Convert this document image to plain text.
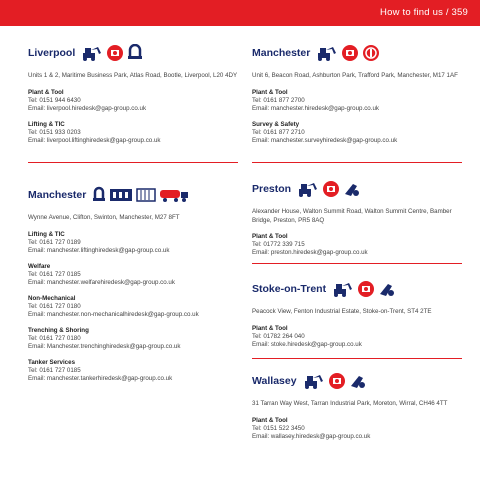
How to find us / 359
Liverpool
Units 1 & 2, Maritime Business Park, Atlas Road, Bootle, Liverpool, L20 4DY
Plant & Tool
Tel: 0151 944 6430
Email: liverpool.hiredesk@gap-group.co.uk
Lifting & TIC
Tel: 0151 933 0203
Email: liverpool.liftinghiredesk@gap-group.co.uk
Manchester
Wynne Avenue, Clifton, Swinton, Manchester, M27 8FT
Lifting & TIC
Tel: 0161 727 0189
Email: manchester.liftinghiredesk@gap-group.co.uk
Welfare
Tel: 0161 727 0185
Email: manchester.welfarehiredesk@gap-group.co.uk
Non-Mechanical
Tel: 0161 727 0180
Email: manchester.non-mechanicalhiredesk@gap-group.co.uk
Trenching & Shoring
Tel: 0161 727 0180
Email: Manchester.trenchinghiredesk@gap-group.co.uk
Tanker Services
Tel: 0161 727 0185
Email: manchester.tankerhiredesk@gap-group.co.uk
Manchester
Unit 6, Beacon Road, Ashburton Park, Trafford Park, Manchester, M17 1AF
Plant & Tool
Tel: 0161 877 2700
Email: manchester.hiredesk@gap-group.co.uk
Survey & Safety
Tel: 0161 877 2710
Email: manchester.surveyhiredesk@gap-group.co.uk
Preston
Alexander House, Walton Summit Road, Walton Summit Centre, Bamber Bridge, Preston, PR5 8AQ
Plant & Tool
Tel: 01772 339 715
Email: preston.hiredesk@gap-group.co.uk
Stoke-on-Trent
Peacock View, Fenton Industrial Estate, Stoke-on-Trent, ST4 2TE
Plant & Tool
Tel: 01782 264 040
Email: stoke.hiredesk@gap-group.co.uk
Wallasey
31 Tarran Way West, Tarran Industrial Park, Moreton, Wirral, CH46 4TT
Plant & Tool
Tel: 0151 522 3450
Email: wallasey.hiredesk@gap-group.co.uk
